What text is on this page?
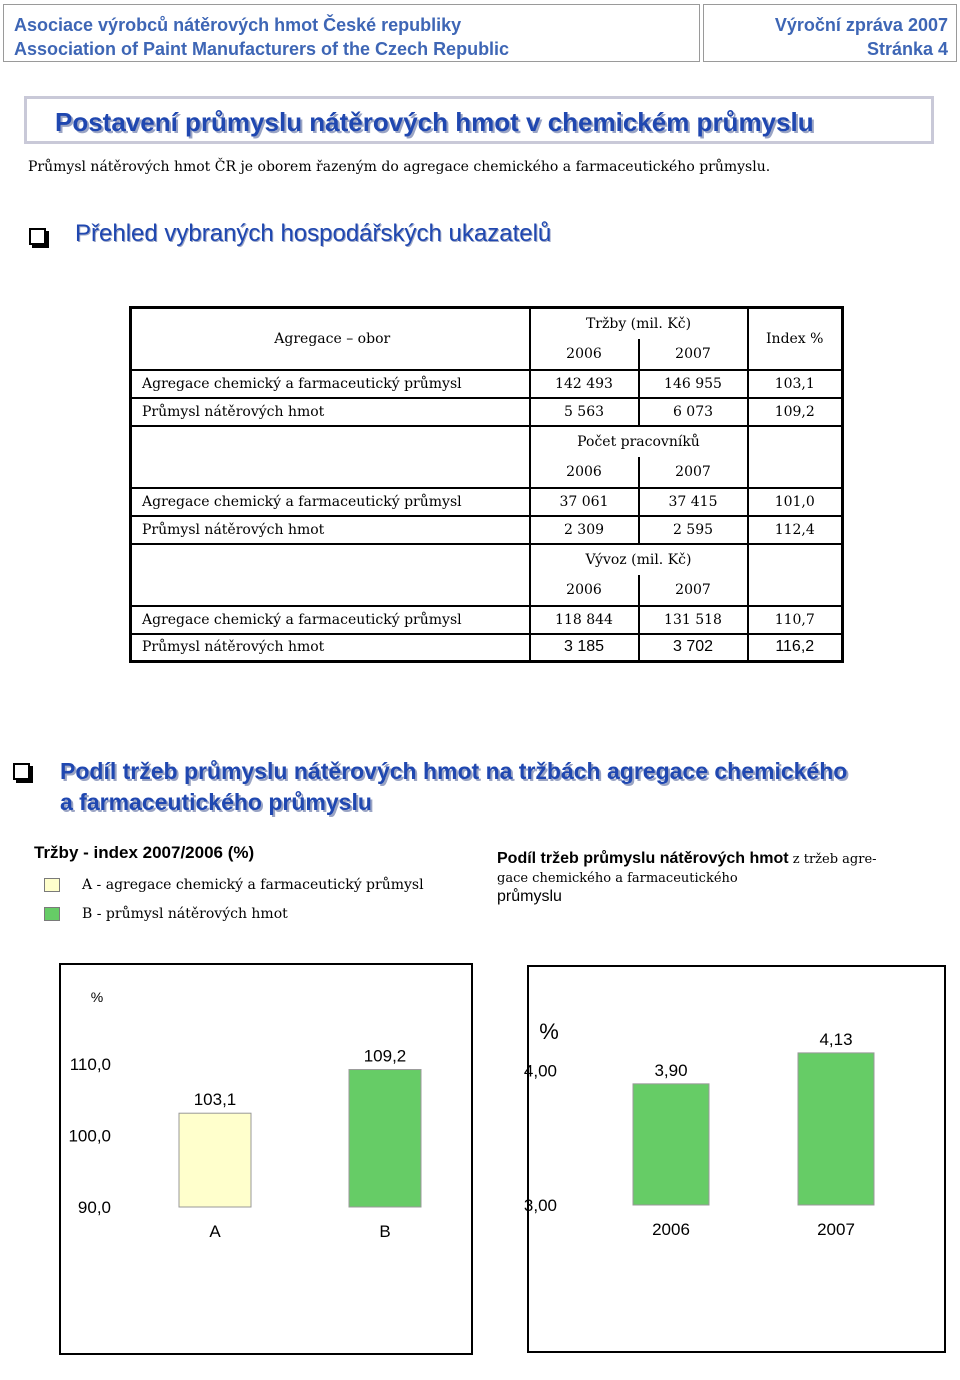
Asociace výrobců nátěrových hmot České republiky
Association of Paint Manufacturers of the Czech Republic
Výroční zpráva 2007
Stránka 4
Postavení průmyslu nátěrových hmot v chemickém průmyslu
Průmysl nátěrových hmot ČR je oborem řazeným do agregace chemického a farmaceutického průmyslu.
Přehled vybraných hospodářských ukazatelů
Agregace – obor	Tržby (mil. Kč)		Index %
	2006	2007	
Agregace chemický a farmaceutický průmysl	142 493	146 955	103,1
Průmysl nátěrových hmot	5 563	6 073	109,2
	Počet pracovníků		
	2006	2007	
Agregace chemický a farmaceutický průmysl	37 061	37 415	101,0
Průmysl nátěrových hmot	2 309	2 595	112,4
	Vývoz (mil. Kč)		
	2006	2007	
Agregace chemický a farmaceutický průmysl	118 844	131 518	110,7
Průmysl nátěrových hmot	3 185	3 702	116,2
Podíl tržeb průmyslu nátěrových hmot na tržbách agregace chemického
a farmaceutického průmyslu
Tržby - index 2007/2006 (%)
A - agregace chemický a farmaceutický průmysl
B - průmysl nátěrových hmot
Podíl tržeb průmyslu nátěrových hmot z tržeb agre-
gace chemického a farmaceutického
průmyslu
%
90,0
100,0
110,0
103,1
A
109,2
B
%
3,00
4,00	3,90
2006
4,13
2007
